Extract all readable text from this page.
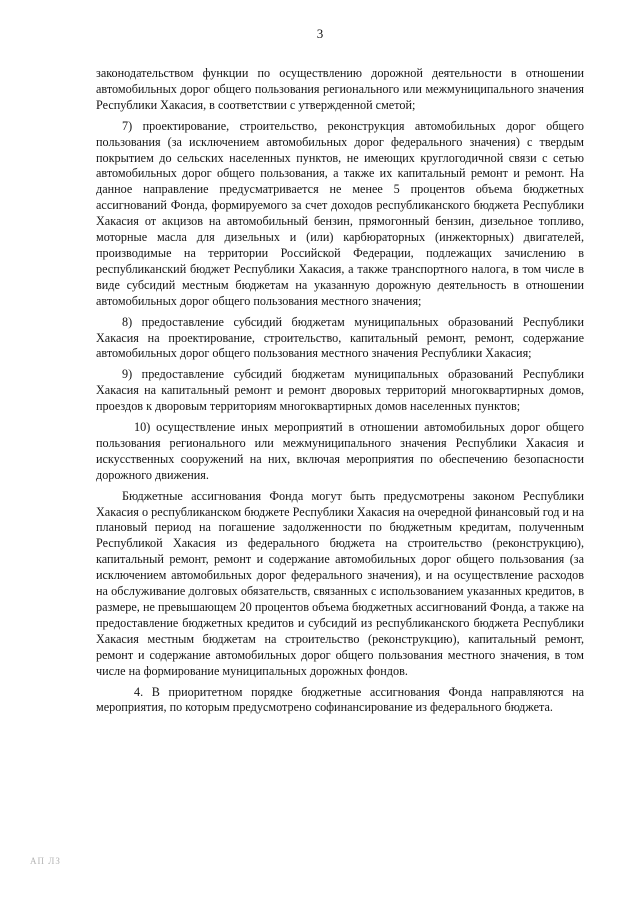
3

законодательством функции по осуществлению дорожной деятельности в отношении автомобильных дорог общего пользования регионального или межмуниципального значения Республики Хакасия, в соответствии с утвержденной сметой;

7) проектирование, строительство, реконструкция автомобильных дорог общего пользования (за исключением автомобильных дорог федерального значения) с твердым покрытием до сельских населенных пунктов, не имеющих круглогодичной связи с сетью автомобильных дорог общего пользования, а также их капитальный ремонт и ремонт. На данное направление предусматривается не менее 5 процентов объема бюджетных ассигнований Фонда, формируемого за счет доходов республиканского бюджета Республики Хакасия от акцизов на автомобильный бензин, прямогонный бензин, дизельное топливо, моторные масла для дизельных и (или) карбюраторных (инжекторных) двигателей, производимые на территории Российской Федерации, подлежащих зачислению в республиканский бюджет Республики Хакасия, а также транспортного налога, в том числе в виде субсидий местным бюджетам на указанную дорожную деятельность в отношении автомобильных дорог общего пользования местного значения;

8) предоставление субсидий бюджетам муниципальных образований Республики Хакасия на проектирование, строительство, капитальный ремонт, ремонт, содержание автомобильных дорог общего пользования местного значения Республики Хакасия;

9) предоставление субсидий бюджетам муниципальных образований Республики Хакасия на капитальный ремонт и ремонт дворовых территорий многоквартирных домов, проездов к дворовым территориям многоквартирных домов населенных пунктов;

10) осуществление иных мероприятий в отношении автомобильных дорог общего пользования регионального или межмуниципального значения Республики Хакасия и искусственных сооружений на них, включая мероприятия по обеспечению безопасности дорожного движения.

Бюджетные ассигнования Фонда могут быть предусмотрены законом Республики Хакасия о республиканском бюджете Республики Хакасия на очередной финансовый год и на плановый период на погашение задолженности по бюджетным кредитам, полученным Республикой Хакасия из федерального бюджета на строительство (реконструкцию), капитальный ремонт, ремонт и содержание автомобильных дорог общего пользования (за исключением автомобильных дорог федерального значения), и на осуществление расходов на обслуживание долговых обязательств, связанных с использованием указанных кредитов, в размере, не превышающем 20 процентов объема бюджетных ассигнований Фонда, а также на предоставление бюджетных кредитов и субсидий из республиканского бюджета Республики Хакасия местным бюджетам на строительство (реконструкцию), капитальный ремонт, ремонт и содержание автомобильных дорог общего пользования местного значения, в том числе на формирование муниципальных дорожных фондов.

4. В приоритетном порядке бюджетные ассигнования Фонда направляются на мероприятия, по которым предусмотрено софинансирование из федерального бюджета.

АП ЛЗ
